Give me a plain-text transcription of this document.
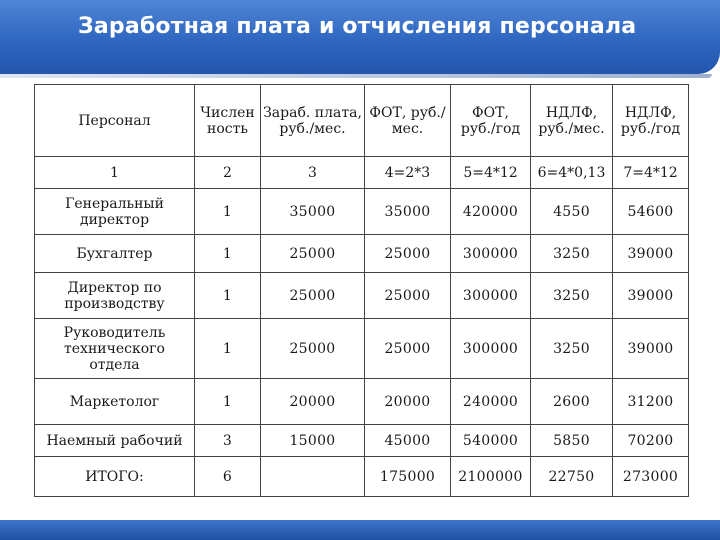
Заработная плата и отчисления персонала
Персонал	Числен ность	Зараб. плата, руб./мес.	ФОТ, руб./мес.	ФОТ, руб./год	НДЛФ, руб./мес.	НДЛФ, руб./год
1	2	3	4=2*3	5=4*12	6=4*0,13	7=4*12
Генеральный директор	1	35000	35000	420000	4550	54600
Бухгалтер	1	25000	25000	300000	3250	39000
Директор по производству	1	25000	25000	300000	3250	39000
Руководитель технического отдела	1	25000	25000	300000	3250	39000
Маркетолог	1	20000	20000	240000	2600	31200
Наемный рабочий	3	15000	45000	540000	5850	70200
ИТОГО:	6		175000	2100000	22750	273000
